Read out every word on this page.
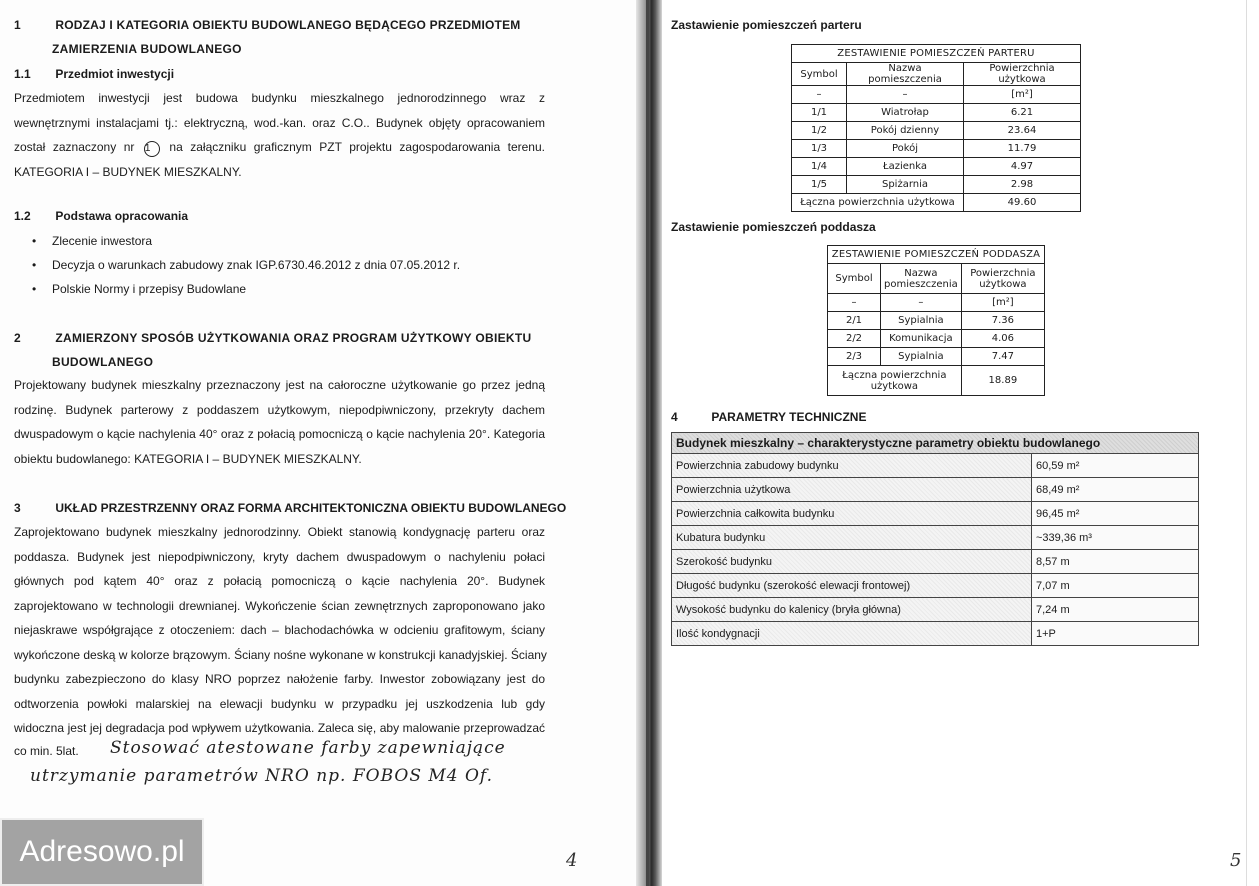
1	RODZAJ I KATEGORIA OBIEKTU BUDOWLANEGO BĘDĄCEGO PRZEDMIOTEM
ZAMIERZENIA BUDOWLANEGO
1.1 Przedmiot inwestycji
Przedmiotem inwestycji jest budowa budynku mieszkalnego jednorodzinnego wraz z
wewnętrznymi instalacjami tj.: elektryczną, wod.-kan. oraz C.O.. Budynek objęty opracowaniem
został zaznaczony nr 1 na załączniku graficznym PZT projektu zagospodarowania terenu.
KATEGORIA I – BUDYNEK MIESZKALNY.
1.2 Podstawa opracowania
• Zlecenie inwestora
• Decyzja o warunkach zabudowy znak IGP.6730.46.2012 z dnia 07.05.2012 r.
• Polskie Normy i przepisy Budowlane
2	ZAMIERZONY SPOSÓB UŻYTKOWANIA ORAZ PROGRAM UŻYTKOWY OBIEKTU
BUDOWLANEGO
Projektowany budynek mieszkalny przeznaczony jest na całoroczne użytkowanie go przez jedną
rodzinę. Budynek parterowy z poddaszem użytkowym, niepodpiwniczony, przekryty dachem
dwuspadowym o kącie nachylenia 40° oraz z połacią pomocniczą o kącie nachylenia 20°. Kategoria
obiektu budowlanego: KATEGORIA I – BUDYNEK MIESZKALNY.
3	UKŁAD PRZESTRZENNY ORAZ FORMA ARCHITEKTONICZNA OBIEKTU BUDOWLANEGO
Zaprojektowano budynek mieszkalny jednorodzinny. Obiekt stanowią kondygnację parteru oraz
poddasza. Budynek jest niepodpiwniczony, kryty dachem dwuspadowym o nachyleniu połaci
głównych pod kątem 40° oraz z połacią pomocniczą o kącie nachylenia 20°. Budynek
zaprojektowano w technologii drewnianej. Wykończenie ścian zewnętrznych zaproponowano jako
niejaskrawe współgrające z otoczeniem: dach – blachodachówka w odcieniu grafitowym, ściany
wykończone deską w kolorze brązowym. Ściany nośne wykonane w konstrukcji kanadyjskiej. Ściany
budynku zabezpieczono do klasy NRO poprzez nałożenie farby. Inwestor zobowiązany jest do
odtworzenia powłoki malarskiej na elewacji budynku w przypadku jej uszkodzenia lub gdy
widoczna jest jej degradacja pod wpływem użytkowania. Zaleca się, aby malowanie przeprowadzać
co min. 5lat. Stosować atestowane farby zapewniające
utrzymanie parametrów NRO np. FOBOS M4 Of.
4
Adresowo.pl
Zastawienie pomieszczeń parteru
ZESTAWIENIE POMIESZCZEŃ PARTERU		
Symbol	Nazwa pomieszczenia	Powierzchnia użytkowa
–	–	[m²]
1/1	Wiatrołap	6.21
1/2	Pokój dzienny	23.64
1/3	Pokój	11.79
1/4	Łazienka	4.97
1/5	Spiżarnia	2.98
Łączna powierzchnia użytkowa		49.60
Zastawienie pomieszczeń poddasza
ZESTAWIENIE POMIESZCZEŃ PODDASZA		
Symbol	Nazwa pomieszczenia	Powierzchnia użytkowa
–	–	[m²]
2/1	Sypialnia	7.36
2/2	Komunikacja	4.06
2/3	Sypialnia	7.47
Łączna powierzchnia użytkowa		18.89
4	PARAMETRY TECHNICZNE
Budynek mieszkalny – charakterystyczne parametry obiektu budowlanego	
Powierzchnia zabudowy budynku	60,59 m²
Powierzchnia użytkowa	68,49 m²
Powierzchnia całkowita budynku	96,45 m²
Kubatura budynku	~339,36 m³
Szerokość budynku	8,57 m
Długość budynku (szerokość elewacji frontowej)	7,07 m
Wysokość budynku do kalenicy (bryła główna)	7,24 m
Ilość kondygnacji	1+P
5
